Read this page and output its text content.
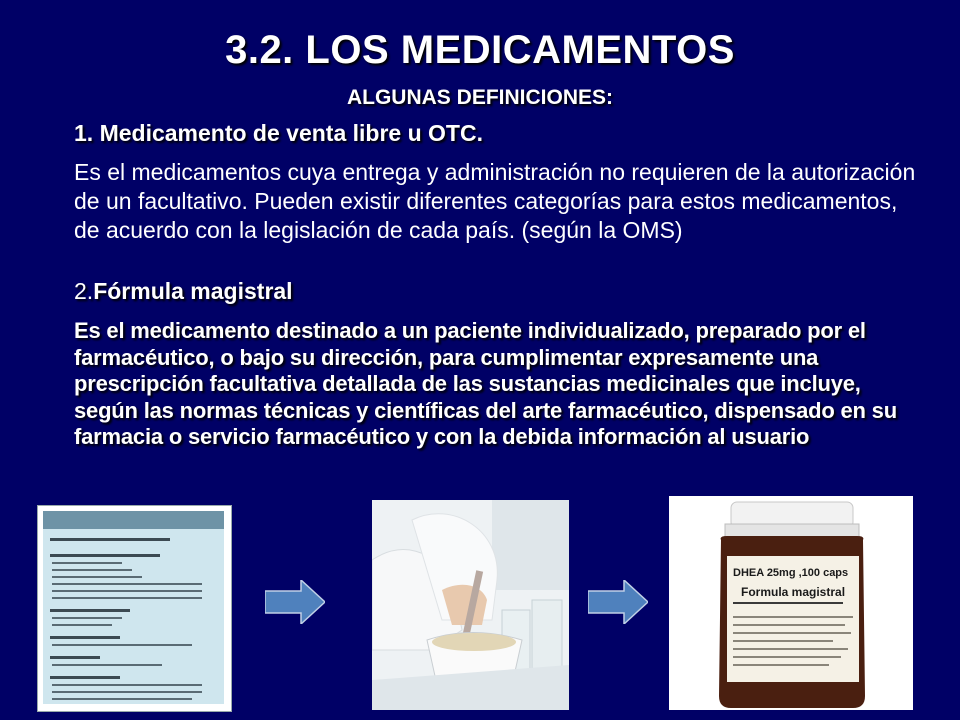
3.2. LOS MEDICAMENTOS
ALGUNAS DEFINICIONES:
1. Medicamento de venta libre u OTC.
Es el medicamentos cuya entrega y administración no requieren de la autorización de un facultativo. Pueden existir diferentes categorías para estos medicamentos, de acuerdo con la legislación de cada país. (según la OMS)
2.Fórmula magistral
Es el medicamento destinado a un paciente individualizado, preparado por el farmacéutico, o bajo su dirección, para cumplimentar expresamente una prescripción facultativa detallada de las sustancias medicinales que incluye, según las normas técnicas y científicas del arte farmacéutico, dispensado en su farmacia o servicio farmacéutico y con la debida información al usuario
DHEA 25mg ,100 caps
Formula magistral
